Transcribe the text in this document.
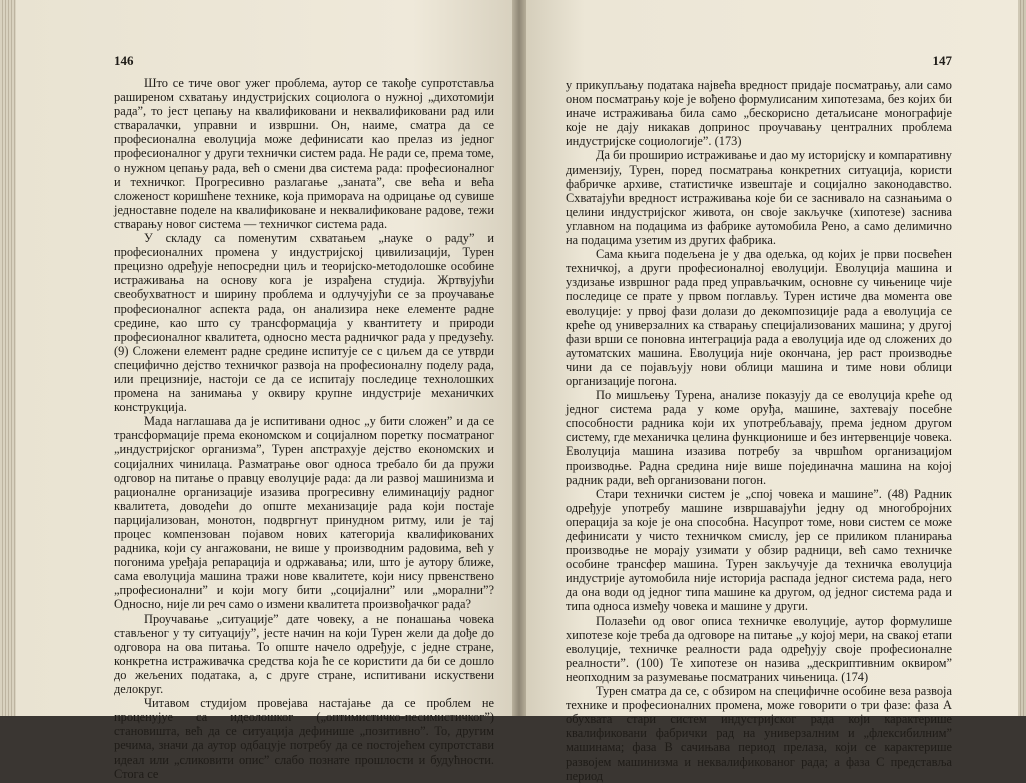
146

Што се тиче овог ужег проблема, аутор се такође супротставља раширеном схватању индустријских социолога о нужној „дихотомији рада”, то јест цепању на квалификовани и неквалификовани рад или стваралачки, управни и извршни. Он, наиме, сматра да се професионална еволуција може дефинисати као прелаз из једног професионалног у други технички систем рада. Не ради се, према томе, о нужном цепању рада, већ о смени два система рада: професионалног и техничког. Прогресивно разлагање „заната”, све већа и већа сложеност коришћене технике, која примораva на одрицање од сувише једноставне поделе на квалификоване и неквалификоване радове, тежи стварању новог система — техничког система рада.

У складу са поменутим схватањем „науке о раду” и професионалних промена у индустријској цивилизацији, Турен прецизно одређује непосредни циљ и теоријско-методолошке особине истраживања на основу кога је израђена студија. Жртвујући свеобухватност и ширину проблема и одлучујући се за проучавање професионалног аспекта рада, он анализира неке елементе радне средине, као што су трансформација у квантитету и природи професионалног квалитета, односно места радничког рада у предузећу. (9) Сложени елемент радне средине испитује се с циљем да се утврди специфично дејство техничког развоја на професионалну поделу рада, или прецизније, настоји се да се испитају последице технолошких промена на занимања у оквиру крупне индустрије механичких конструкција.

Мада наглашава да је испитивани однос „у бити сложен” и да се трансформације према економском и социјалном поретку посматраног „индустријског организма”, Турен апстрахује дејство економских и социјалних чинилаца. Разматрање овог односа требало би да пружи одговор на питање о правцу еволуције рада: да ли развој машинизма и рационалне организације изазива прогресивну елиминацију радног квалитета, доводећи до опште механизације рада који постаје парцијализован, монотон, подвргнут принудном ритму, или је тај процес компензован појавом нових категорија квалификованих радника, који су ангажовани, не више у производним радовима, већ у погонима уређаја репарација и одржавања; или, што је аутору ближе, сама еволуција машина тражи нове квалитете, који нису првенствено „професионални” и који могу бити „социјални” или „морални”? Односно, није ли реч само о измени квалитета произвођачког рада?

Проучавање „ситуације” дате човеку, а не понашања човека стављеног у ту ситуацију”, јесте начин на који Турен жели да дође до одговора на ова питања. То опште начело одређује, с једне стране, конкретна истраживачка средства која ће се користити да би се дошло до жељених података, а, с друге стране, испитивани искуствени делокруг.

Читавом студијом провејава настајање да се проблем не проценујуе са идеолошког („оптимистичко-песимистичког”) становишта, већ да се ситуација дефинише „позитивно”. То, другим речима, значи да аутор одбацује потребу да се постојећем супротстави идеал или „сликовити опис” слабо познате прошлости и будућности. Стога се

147

у прикупљању података највећа вредност придаје посматрању, али само оном посматрању које је вођено формулисаним хипотезама, без којих би иначе истраживања била само „бескорисно детаљисане монографије које не дају никакав допринос проучавању централних проблема индустријске социологије”. (173)

Да би проширио истраживање и дао му историјску и компаративну димензију, Турен, поред посматрања конкретних ситуација, користи фабричке архиве, статистичке извештаје и социјално законодавство. Схватајући вредност истраживања које би се заснивало на сазнањима о целини индустријског живота, он своје закључке (хипотезе) заснива углавном на подацима из фабрике аутомобила Рено, а само делимично на подацима узетим из других фабрика.

Сама књига подељена је у два одељка, од којих је први посвећен техничкој, а други професионалној еволуцији. Еволуција машина и уздизање извршног рада пред управљачким, основне су чињенице чије последице се прате у првом поглављу. Турен истиче два момента ове еволуције: у првој фази долази до декомпозиције рада а еволуција се креће од универзалних ка стварању специјализованих машина; у другој фази врши се поновна интеграција рада а еволуција иде од сложених до аутоматских машина. Еволуција није окончана, јер раст производње чини да се појављују нови облици машина и тиме нови облици организације погона.

По мишљењу Турена, анализе показују да се еволуција креће од једног система рада у коме оруђа, машине, захтевају посебне способности радника који их употребљавају, према једном другом систему, где механичка целина функционише и без интервенције човека. Еволуција машина изазива потребу за чвршћом организацијом производње. Радна средина није више појединачна машина на којој радник ради, већ организовани погон.

Стари технички систем је „спој човека и машине”. (48) Радник одређује употребу машине извршавајући једну од многобројних операција за које је она способна. Насупрот томе, нови систем се може дефинисати у чисто техничком смислу, јер се приликом планирања производње не морају узимати у обзир радници, већ само техничке особине трансфер машина. Турен закључује да техничка еволуција индустрије аутомобила није историја распада једног система рада, него да она води од једног типа машине ка другом, од једног система рада и типа односа између човека и машине у други.

Полазећи од овог описа техничке еволуције, аутор формулише хипотезе које треба да одговоре на питање „у којој мери, на свакој етапи еволуције, техничке реалности рада одређују своје професионалне реалности”. (100) Те хипотезе он назива „дескриптивним оквиром” неопходним за разумевање посматраних чињеница. (174)

Турен сматра да се, с обзиром на специфичне особине веза развоја технике и професионалних промена, може говорити о три фазе: фаза А обухвата стари систем индустријског рада који карактерише квалификовани фабрички рад на универзалним и „флексибилним” машинама; фаза B сачињава период прелаза, који се карактерише развојем машинизма и неквалификованог рада; а фаза C представља период
